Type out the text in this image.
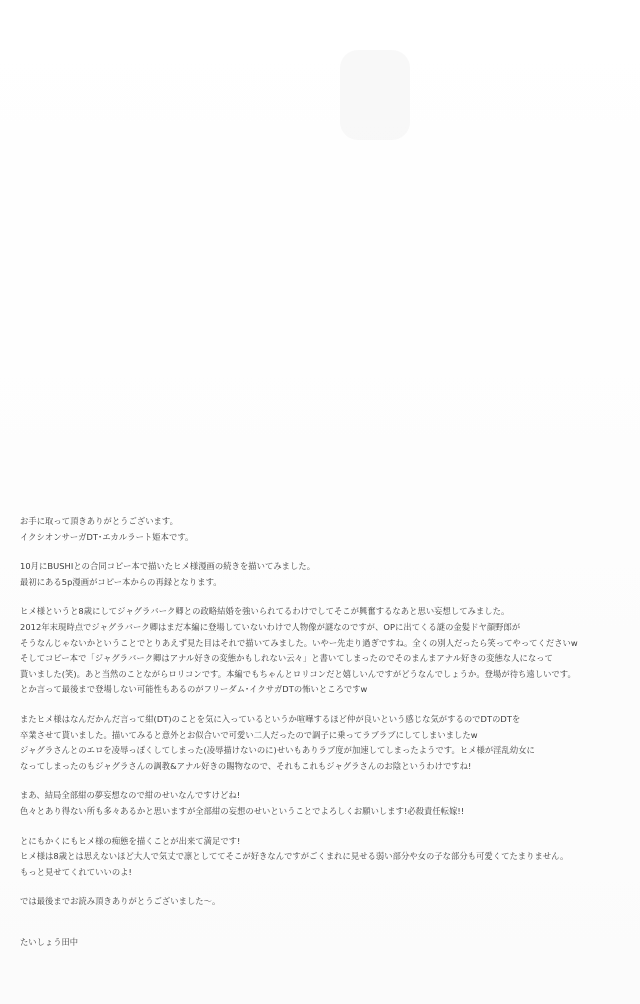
お手に取って頂きありがとうございます。
イクシオンサーガDT･エカルラート姫本です。
10月にBUSHIとの合同コピー本で描いたヒメ様漫画の続きを描いてみました。
最初にある5p漫画がコピー本からの再録となります。
ヒメ様というと8歳にしてジャグラバーク卿との政略結婚を強いられてるわけでしてそこが興奮するなあと思い妄想してみました。
2012年末現時点でジャグラバーク卿はまだ本編に登場していないわけで人物像が謎なのですが、OPに出てくる謎の金髪ドヤ顔野郎が
そうなんじゃないかということでとりあえず見た目はそれで描いてみました。いやー先走り過ぎですね。全くの別人だったら笑ってやってくださいw
そしてコピー本で「ジャグラバーク卿はアナル好きの変態かもしれない云々」と書いてしまったのでそのまんまアナル好きの変態な人になって
貰いました(笑)。あと当然のことながらロリコンです。本編でもちゃんとロリコンだと嬉しいんですがどうなんでしょうか。登場が待ち遠しいです。
とか言って最後まで登場しない可能性もあるのがフリーダム･イクサガDTの怖いところですw
またヒメ様はなんだかんだ言って紺(DT)のことを気に入っているというか喧嘩するほど仲が良いという感じな気がするのでDTのDTを
卒業させて貰いました。描いてみると意外とお似合いで可愛い二人だったので調子に乗ってラブラブにしてしまいましたw
ジャグラさんとのエロを凌辱っぽくしてしまった(凌辱描けないのに)せいもありラブ度が加速してしまったようです。ヒメ様が淫乱幼女に
なってしまったのもジャグラさんの調教&アナル好きの賜物なので、それもこれもジャグラさんのお陰というわけですね!
まあ、結局全部紺の夢妄想なので紺のせいなんですけどね!
色々とあり得ない所も多々あるかと思いますが全部紺の妄想のせいということでよろしくお願いします!必殺責任転嫁!!
とにもかくにもヒメ様の痴態を描くことが出来て満足です!
ヒメ様は8歳とは思えないほど大人で気丈で凛としててそこが好きなんですがごくまれに見せる弱い部分や女の子な部分も可愛くてたまりません。
もっと見せてくれていいのよ!
では最後までお読み頂きありがとうございました～。
たいしょう田中
